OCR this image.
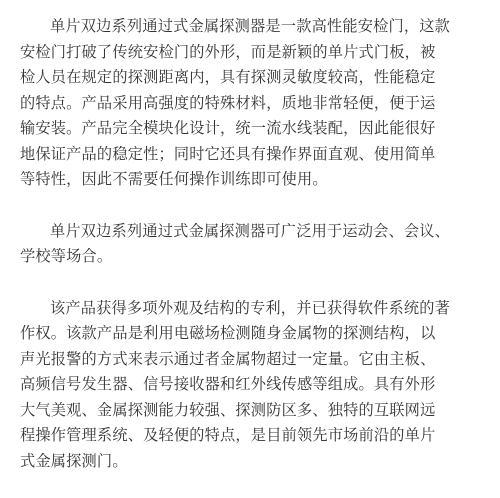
单片双边系列通过式金属探测器是一款高性能安检门，这款
安检门打破了传统安检门的外形，而是新颖的单片式门板，被
检人员在规定的探测距离内，具有探测灵敏度较高，性能稳定
的特点。产品采用高强度的特殊材料，质地非常轻便，便于运
输安装。产品完全模块化设计，统一流水线装配，因此能很好
地保证产品的稳定性；同时它还具有操作界面直观、使用简单
等特性，因此不需要任何操作训练即可使用。

单片双边系列通过式金属探测器可广泛用于运动会、会议、
学校等场合。

该产品获得多项外观及结构的专利，并已获得软件系统的著
作权。该款产品是利用电磁场检测随身金属物的探测结构，以
声光报警的方式来表示通过者金属物超过一定量。它由主板、
高频信号发生器、信号接收器和红外线传感等组成。具有外形
大气美观、金属探测能力较强、探测防区多、独特的互联网远
程操作管理系统、及轻便的特点，是目前领先市场前沿的单片
式金属探测门。
